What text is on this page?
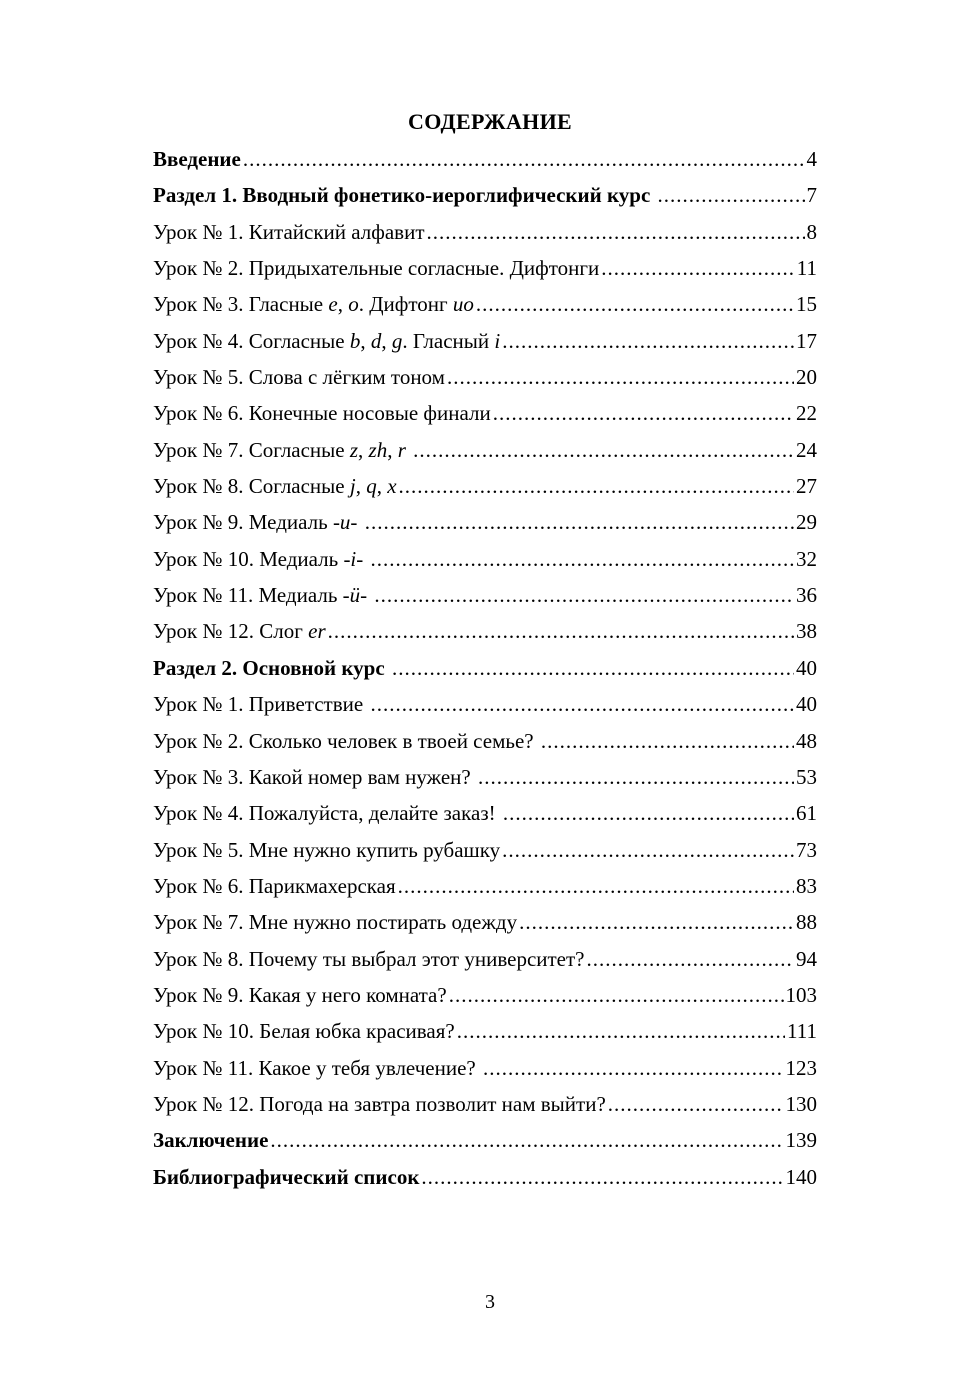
СОДЕРЖАНИЕ
Введение .....	4
Раздел 1. Вводный фонетико-иероглифический курс .....	7
Урок № 1. Китайский алфавит .....	8
Урок № 2. Придыхательные согласные. Дифтонги .....	11
Урок № 3. Гласные e, o. Дифтонг uo .....	15
Урок № 4. Согласные b, d, g. Гласный i .....	17
Урок № 5. Слова с лёгким тоном .....	20
Урок № 6. Конечные носовые финали .....	22
Урок № 7. Согласные z, zh, r .....	24
Урок № 8. Согласные j, q, x .....	27
Урок № 9. Медиаль -u- .....	29
Урок № 10. Медиаль -i- .....	32
Урок № 11. Медиаль -ü- .....	36
Урок № 12. Слог er .....	38
Раздел 2. Основной курс .....	40
Урок № 1. Приветствие .....	40
Урок № 2. Сколько человек в твоей семье? .....	48
Урок № 3. Какой номер вам нужен? .....	53
Урок № 4. Пожалуйста, делайте заказ! .....	61
Урок № 5. Мне нужно купить рубашку .....	73
Урок № 6. Парикмахерская .....	83
Урок № 7. Мне нужно постирать одежду .....	88
Урок № 8. Почему ты выбрал этот университет? .....	94
Урок № 9. Какая у него комната? .....	103
Урок № 10. Белая юбка красивая? .....	111
Урок № 11. Какое у тебя увлечение? .....	123
Урок № 12. Погода на завтра позволит нам выйти? .....	130
Заключение .....	139
Библиографический список .....	140
3
